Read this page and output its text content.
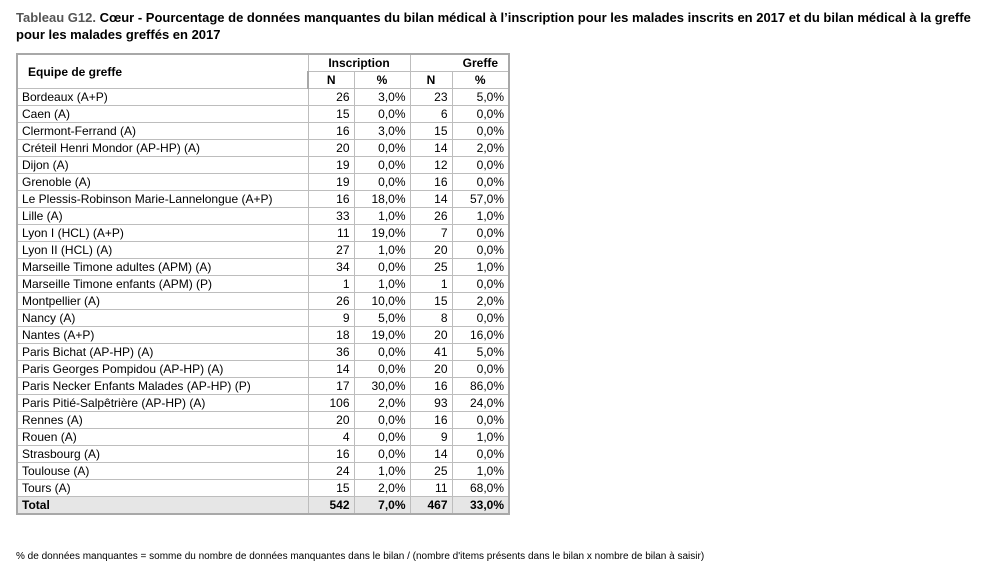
Tableau G12. Cœur - Pourcentage de données manquantes du bilan médical à l’inscription pour les malades inscrits en 2017 et du bilan médical à la greffe pour les malades greffés en 2017

Equipe de greffe	Inscription		Greffe	
	N	%	N	%
Bordeaux (A+P)	26	3,0%	23	5,0%
Caen (A)	15	0,0%	6	0,0%
Clermont-Ferrand (A)	16	3,0%	15	0,0%
Créteil Henri Mondor (AP-HP) (A)	20	0,0%	14	2,0%
Dijon (A)	19	0,0%	12	0,0%
Grenoble (A)	19	0,0%	16	0,0%
Le Plessis-Robinson Marie-Lannelongue (A+P)	16	18,0%	14	57,0%
Lille (A)	33	1,0%	26	1,0%
Lyon I (HCL) (A+P)	11	19,0%	7	0,0%
Lyon II (HCL) (A)	27	1,0%	20	0,0%
Marseille Timone adultes (APM) (A)	34	0,0%	25	1,0%
Marseille Timone enfants (APM) (P)	1	1,0%	1	0,0%
Montpellier (A)	26	10,0%	15	2,0%
Nancy (A)	9	5,0%	8	0,0%
Nantes (A+P)	18	19,0%	20	16,0%
Paris Bichat (AP-HP) (A)	36	0,0%	41	5,0%
Paris Georges Pompidou (AP-HP) (A)	14	0,0%	20	0,0%
Paris Necker Enfants Malades (AP-HP) (P)	17	30,0%	16	86,0%
Paris Pitié-Salpêtrière (AP-HP) (A)	106	2,0%	93	24,0%
Rennes (A)	20	0,0%	16	0,0%
Rouen (A)	4	0,0%	9	1,0%
Strasbourg (A)	16	0,0%	14	0,0%
Toulouse (A)	24	1,0%	25	1,0%
Tours (A)	15	2,0%	11	68,0%
Total	542	7,0%	467	33,0%

% de données manquantes = somme du nombre de données manquantes dans le bilan / (nombre d'items présents dans le bilan x nombre de bilan à saisir)
